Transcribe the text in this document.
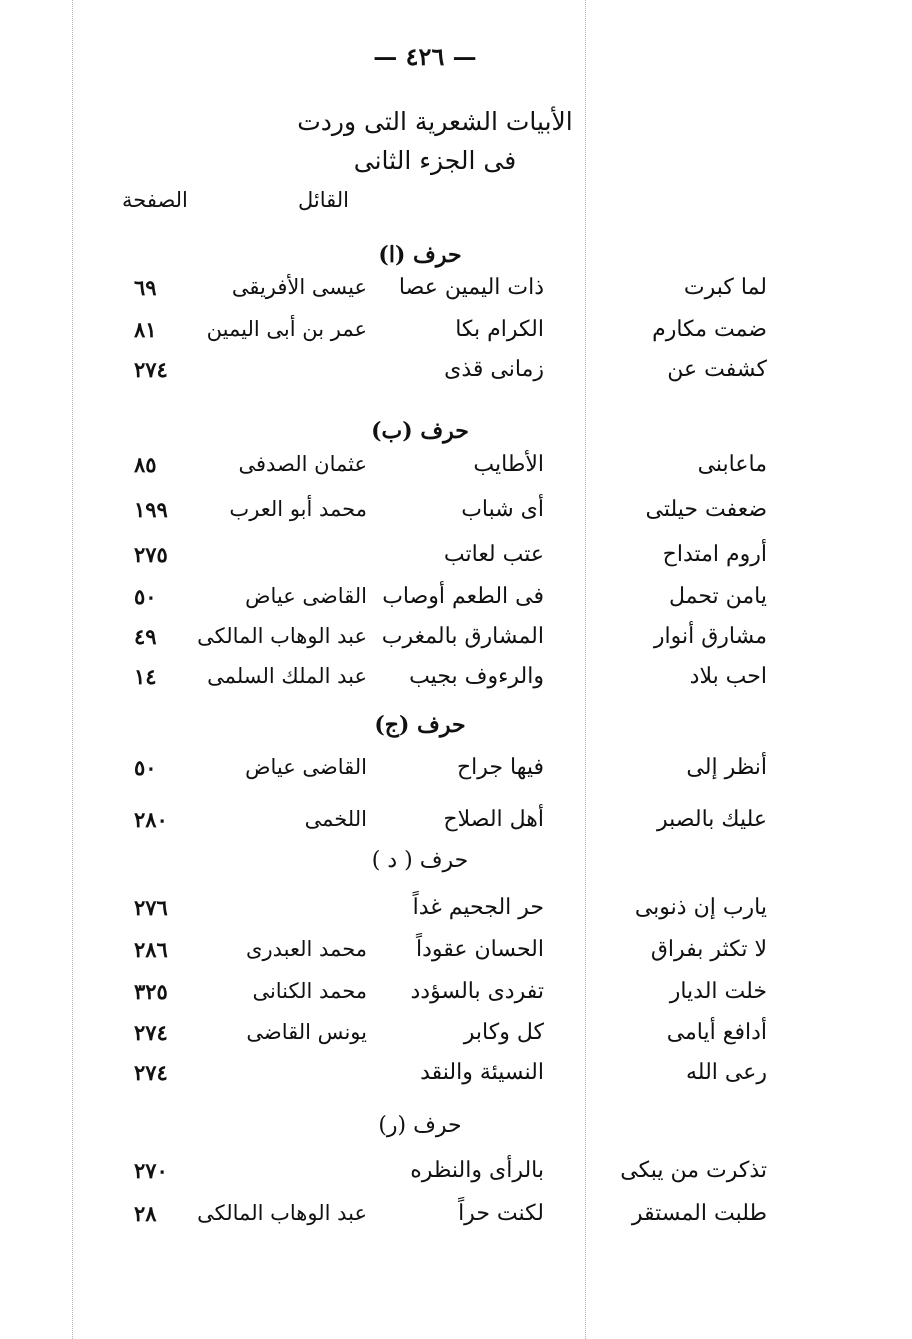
— ٤٢٦ —
الأبيات الشعرية التى وردت
فى الجزء الثانى
القائل
الصفحة
حرف (ا)
لما كبرت
ذات اليمين عصا
عيسى الأفريقى
٦٩
ضمت مكارم
الكرام بكا
عمر بن أبى اليمين
٨١
كشفت عن
زمانى قذى
٢٧٤
حرف (ب)
ماعابنى
الأطايب
عثمان الصدفى
٨٥
ضعفت حيلتى
أى شباب
محمد أبو العرب
١٩٩
أروم امتداح
عتب لعاتب
٢٧٥
يامن تحمل
فى الطعم أوصاب
القاضى عياض
٥٠
مشارق أنوار
المشارق بالمغرب
عبد الوهاب المالكى
٤٩
احب بلاد
والرءوف بجيب
عبد الملك السلمى
١٤
حرف (ج)
أنظر إلى
فيها جراح
القاضى عياض
٥٠
عليك بالصبر
أهل الصلاح
اللخمى
٢٨٠
حرف ( د )
يارب إن ذنوبى
حر الجحيم غداً
٢٧٦
لا تكثر بفراق
الحسان عقوداً
محمد العبدرى
٢٨٦
خلت الديار
تفردى بالسؤدد
محمد الكنانى
٣٢٥
أدافع أيامى
كل وكابر
يونس القاضى
٢٧٤
رعى الله
النسيئة والنقد
٢٧٤
حرف (ر)
تذكرت من يبكى
بالرأى والنظره
٢٧٠
طلبت المستقر
لكنت حراً
عبد الوهاب المالكى
٢٨
